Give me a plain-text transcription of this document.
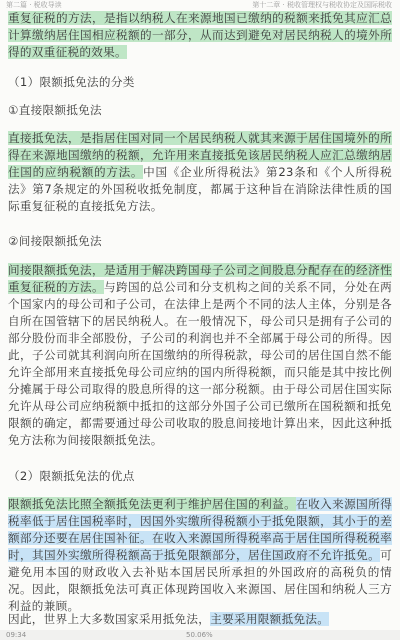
第二篇 · 税收导读	第十二章 · 税收管理权与税收协定及国际税收

重复征税的方法，是指以纳税人在来源地国已缴纳的税额来抵免其应汇总计算缴纳居住国相应税额的一部分，从而达到避免对居民纳税人的境外所得的双重征税的效果。

（1）限额抵免法的分类

①直接限额抵免法

直接抵免法，是指居住国对同一个居民纳税人就其来源于居住国境外的所得在来源地国缴纳的税额，允许用来直接抵免该居民纳税人应汇总缴纳居住国的应纳税额的方法。中国《企业所得税法》第23条和《个人所得税法》第7条规定的外国税收抵免制度，都属于这种旨在消除法律性质的国际重复征税的直接抵免方法。

②间接限额抵免法

间接限额抵免法，是适用于解决跨国母子公司之间股息分配存在的经济性重复征税的方法。与跨国的总公司和分支机构之间的关系不同，分处在两个国家内的母公司和子公司，在法律上是两个不同的法人主体，分别是各自所在国管辖下的居民纳税人。在一般情况下，母公司只是拥有子公司的部分股份而非全部股份，子公司的利润也并不全部属于母公司的所得。因此，子公司就其利润向所在国缴纳的所得税款，母公司的居住国自然不能允许全部用来直接抵免母公司应纳的国内所得税额，而只能是其中按比例分摊属于母公司取得的股息所得的这一部分税额。由于母公司居住国实际允许从母公司应纳税额中抵扣的这部分外国子公司已缴所在国税额和抵免限额的确定，都需要通过母公司收取的股息间接地计算出来，因此这种抵免方法称为间接限额抵免法。

（2）限额抵免法的优点

限额抵免法比照全额抵免法更利于维护居住国的利益。在收入来源国所得税率低于居住国税率时，因国外实缴所得税额小于抵免限额，其小于的差额部分还要在居住国补征。在收入来源国所得税率高于居住国所得税税率时，其国外实缴所得税额高于抵免限额部分，居住国政府不允许抵免。可避免用本国的财政收入去补贴本国居民所承担的外国政府的高税负的情况。因此，限额抵免法可真正体现跨国收入来源国、居住国和纳税人三方利益的兼顾。

因此，世界上大多数国家采用抵免法，主要采用限额抵免法。

09:34	50.06%
